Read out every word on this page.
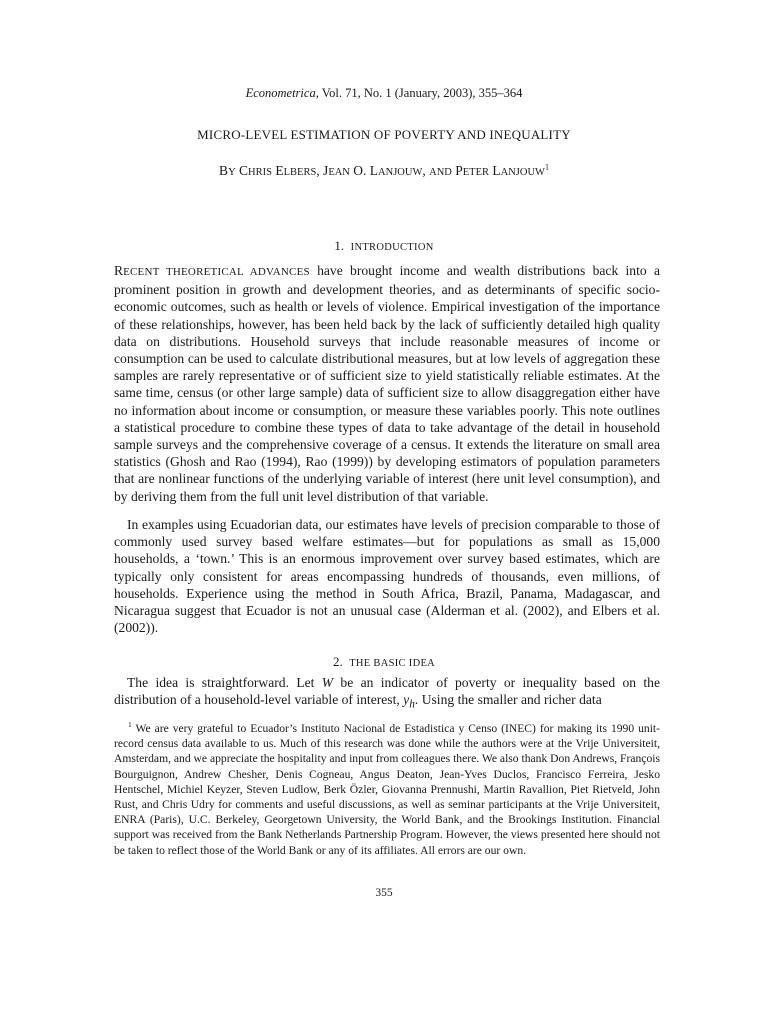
Econometrica, Vol. 71, No. 1 (January, 2003), 355–364
MICRO-LEVEL ESTIMATION OF POVERTY AND INEQUALITY
BY CHRIS ELBERS, JEAN O. LANJOUW, AND PETER LANJOUW$^1$
1. INTRODUCTION
RECENT THEORETICAL ADVANCES have brought income and wealth distributions back into a prominent position in growth and development theories, and as determinants of specific socio-economic outcomes, such as health or levels of violence. Empirical investigation of the importance of these relationships, however, has been held back by the lack of sufficiently detailed high quality data on distributions. Household surveys that include reasonable measures of income or consumption can be used to calculate distributional measures, but at low levels of aggregation these samples are rarely representative or of sufficient size to yield statistically reliable estimates. At the same time, census (or other large sample) data of sufficient size to allow disaggregation either have no information about income or consumption, or measure these variables poorly. This note outlines a statistical procedure to combine these types of data to take advantage of the detail in household sample surveys and the comprehensive coverage of a census. It extends the literature on small area statistics (Ghosh and Rao (1994), Rao (1999)) by developing estimators of population parameters that are nonlinear functions of the underlying variable of interest (here unit level consumption), and by deriving them from the full unit level distribution of that variable.
In examples using Ecuadorian data, our estimates have levels of precision comparable to those of commonly used survey based welfare estimates—but for populations as small as 15,000 households, a ‘town.’ This is an enormous improvement over survey based estimates, which are typically only consistent for areas encompassing hundreds of thousands, even millions, of households. Experience using the method in South Africa, Brazil, Panama, Madagascar, and Nicaragua suggest that Ecuador is not an unusual case (Alderman et al. (2002), and Elbers et al. (2002)).
2. THE BASIC IDEA
The idea is straightforward. Let W be an indicator of poverty or inequality based on the distribution of a household-level variable of interest, $y_h$. Using the smaller and richer data
$^1$ We are very grateful to Ecuador’s Instituto Nacional de Estadistica y Censo (INEC) for making its 1990 unit-record census data available to us. Much of this research was done while the authors were at the Vrije Universiteit, Amsterdam, and we appreciate the hospitality and input from colleagues there. We also thank Don Andrews, François Bourguignon, Andrew Chesher, Denis Cogneau, Angus Deaton, Jean-Yves Duclos, Francisco Ferreira, Jesko Hentschel, Michiel Keyzer, Steven Ludlow, Berk Özler, Giovanna Prennushi, Martin Ravallion, Piet Rietveld, John Rust, and Chris Udry for comments and useful discussions, as well as seminar participants at the Vrije Universiteit, ENRA (Paris), U.C. Berkeley, Georgetown University, the World Bank, and the Brookings Institution. Financial support was received from the Bank Netherlands Partnership Program. However, the views presented here should not be taken to reflect those of the World Bank or any of its affiliates. All errors are our own.
355
